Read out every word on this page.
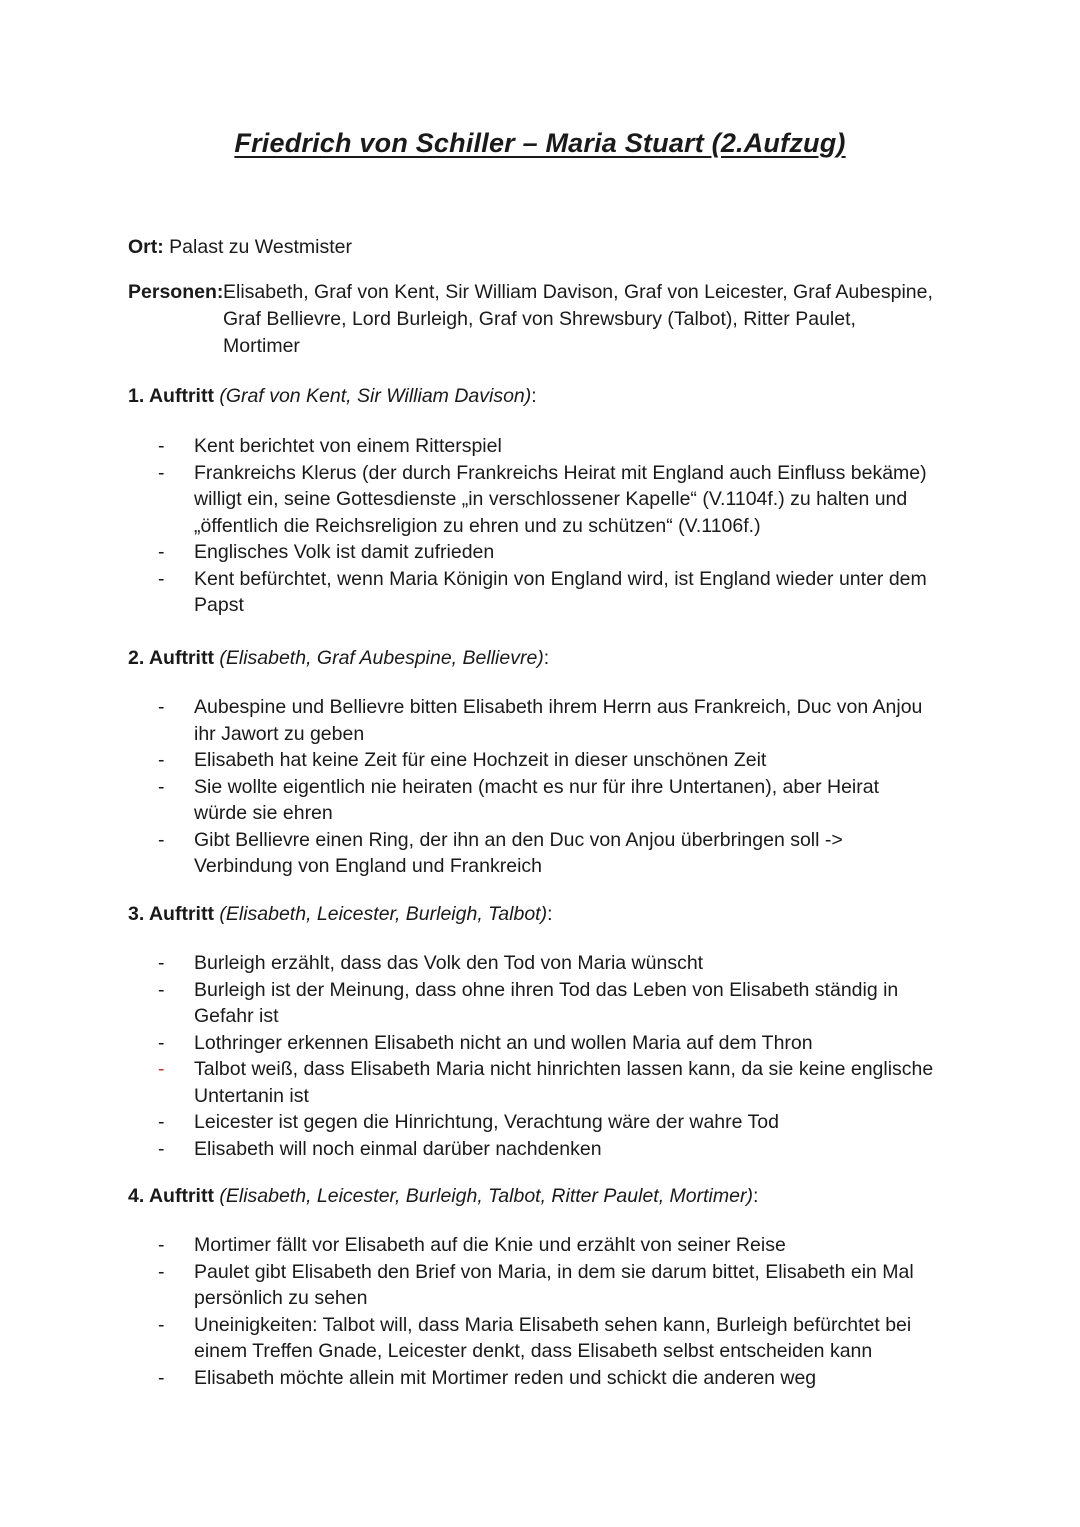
Friedrich von Schiller – Maria Stuart (2.Aufzug)
Ort: Palast zu Westmister
Personen: Elisabeth, Graf von Kent, Sir William Davison, Graf von Leicester, Graf Aubespine,
Graf Bellievre, Lord Burleigh, Graf von Shrewsbury (Talbot), Ritter Paulet,
Mortimer
1. Auftritt (Graf von Kent, Sir William Davison):
- Kent berichtet von einem Ritterspiel
- Frankreichs Klerus (der durch Frankreichs Heirat mit England auch Einfluss bekäme)
willigt ein, seine Gottesdienste „in verschlossener Kapelle“ (V.1104f.) zu halten und
„öffentlich die Reichsreligion zu ehren und zu schützen“ (V.1106f.)
- Englisches Volk ist damit zufrieden
- Kent befürchtet, wenn Maria Königin von England wird, ist England wieder unter dem
Papst
2. Auftritt (Elisabeth, Graf Aubespine, Bellievre):
- Aubespine und Bellievre bitten Elisabeth ihrem Herrn aus Frankreich, Duc von Anjou
ihr Jawort zu geben
- Elisabeth hat keine Zeit für eine Hochzeit in dieser unschönen Zeit
- Sie wollte eigentlich nie heiraten (macht es nur für ihre Untertanen), aber Heirat
würde sie ehren
- Gibt Bellievre einen Ring, der ihn an den Duc von Anjou überbringen soll ->
Verbindung von England und Frankreich
3. Auftritt (Elisabeth, Leicester, Burleigh, Talbot):
- Burleigh erzählt, dass das Volk den Tod von Maria wünscht
- Burleigh ist der Meinung, dass ohne ihren Tod das Leben von Elisabeth ständig in
Gefahr ist
- Lothringer erkennen Elisabeth nicht an und wollen Maria auf dem Thron
- Talbot weiß, dass Elisabeth Maria nicht hinrichten lassen kann, da sie keine englische
Untertanin ist
- Leicester ist gegen die Hinrichtung, Verachtung wäre der wahre Tod
- Elisabeth will noch einmal darüber nachdenken
4. Auftritt (Elisabeth, Leicester, Burleigh, Talbot, Ritter Paulet, Mortimer):
- Mortimer fällt vor Elisabeth auf die Knie und erzählt von seiner Reise
- Paulet gibt Elisabeth den Brief von Maria, in dem sie darum bittet, Elisabeth ein Mal
persönlich zu sehen
- Uneinigkeiten: Talbot will, dass Maria Elisabeth sehen kann, Burleigh befürchtet bei
einem Treffen Gnade, Leicester denkt, dass Elisabeth selbst entscheiden kann
- Elisabeth möchte allein mit Mortimer reden und schickt die anderen weg
